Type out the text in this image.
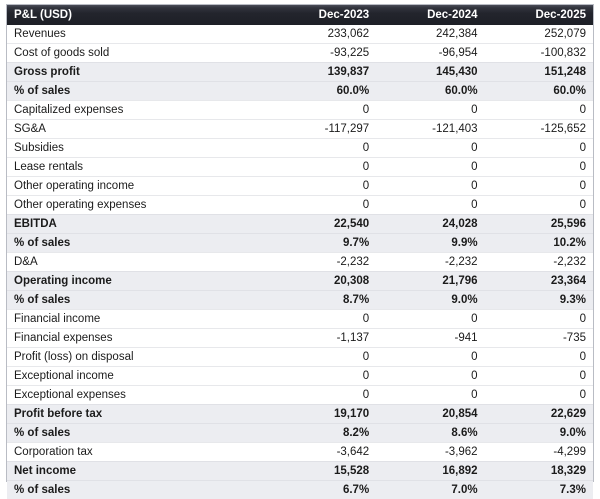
P&L (USD)	Dec-2023	Dec-2024	Dec-2025
Revenues	233,062	242,384	252,079
Cost of goods sold	-93,225	-96,954	-100,832
Gross profit	139,837	145,430	151,248
% of sales	60.0%	60.0%	60.0%
Capitalized expenses	0	0	0
SG&A	-117,297	-121,403	-125,652
Subsidies	0	0	0
Lease rentals	0	0	0
Other operating income	0	0	0
Other operating expenses	0	0	0
EBITDA	22,540	24,028	25,596
% of sales	9.7%	9.9%	10.2%
D&A	-2,232	-2,232	-2,232
Operating income	20,308	21,796	23,364
% of sales	8.7%	9.0%	9.3%
Financial income	0	0	0
Financial expenses	-1,137	-941	-735
Profit (loss) on disposal	0	0	0
Exceptional income	0	0	0
Exceptional expenses	0	0	0
Profit before tax	19,170	20,854	22,629
% of sales	8.2%	8.6%	9.0%
Corporation tax	-3,642	-3,962	-4,299
Net income	15,528	16,892	18,329
% of sales	6.7%	7.0%	7.3%
